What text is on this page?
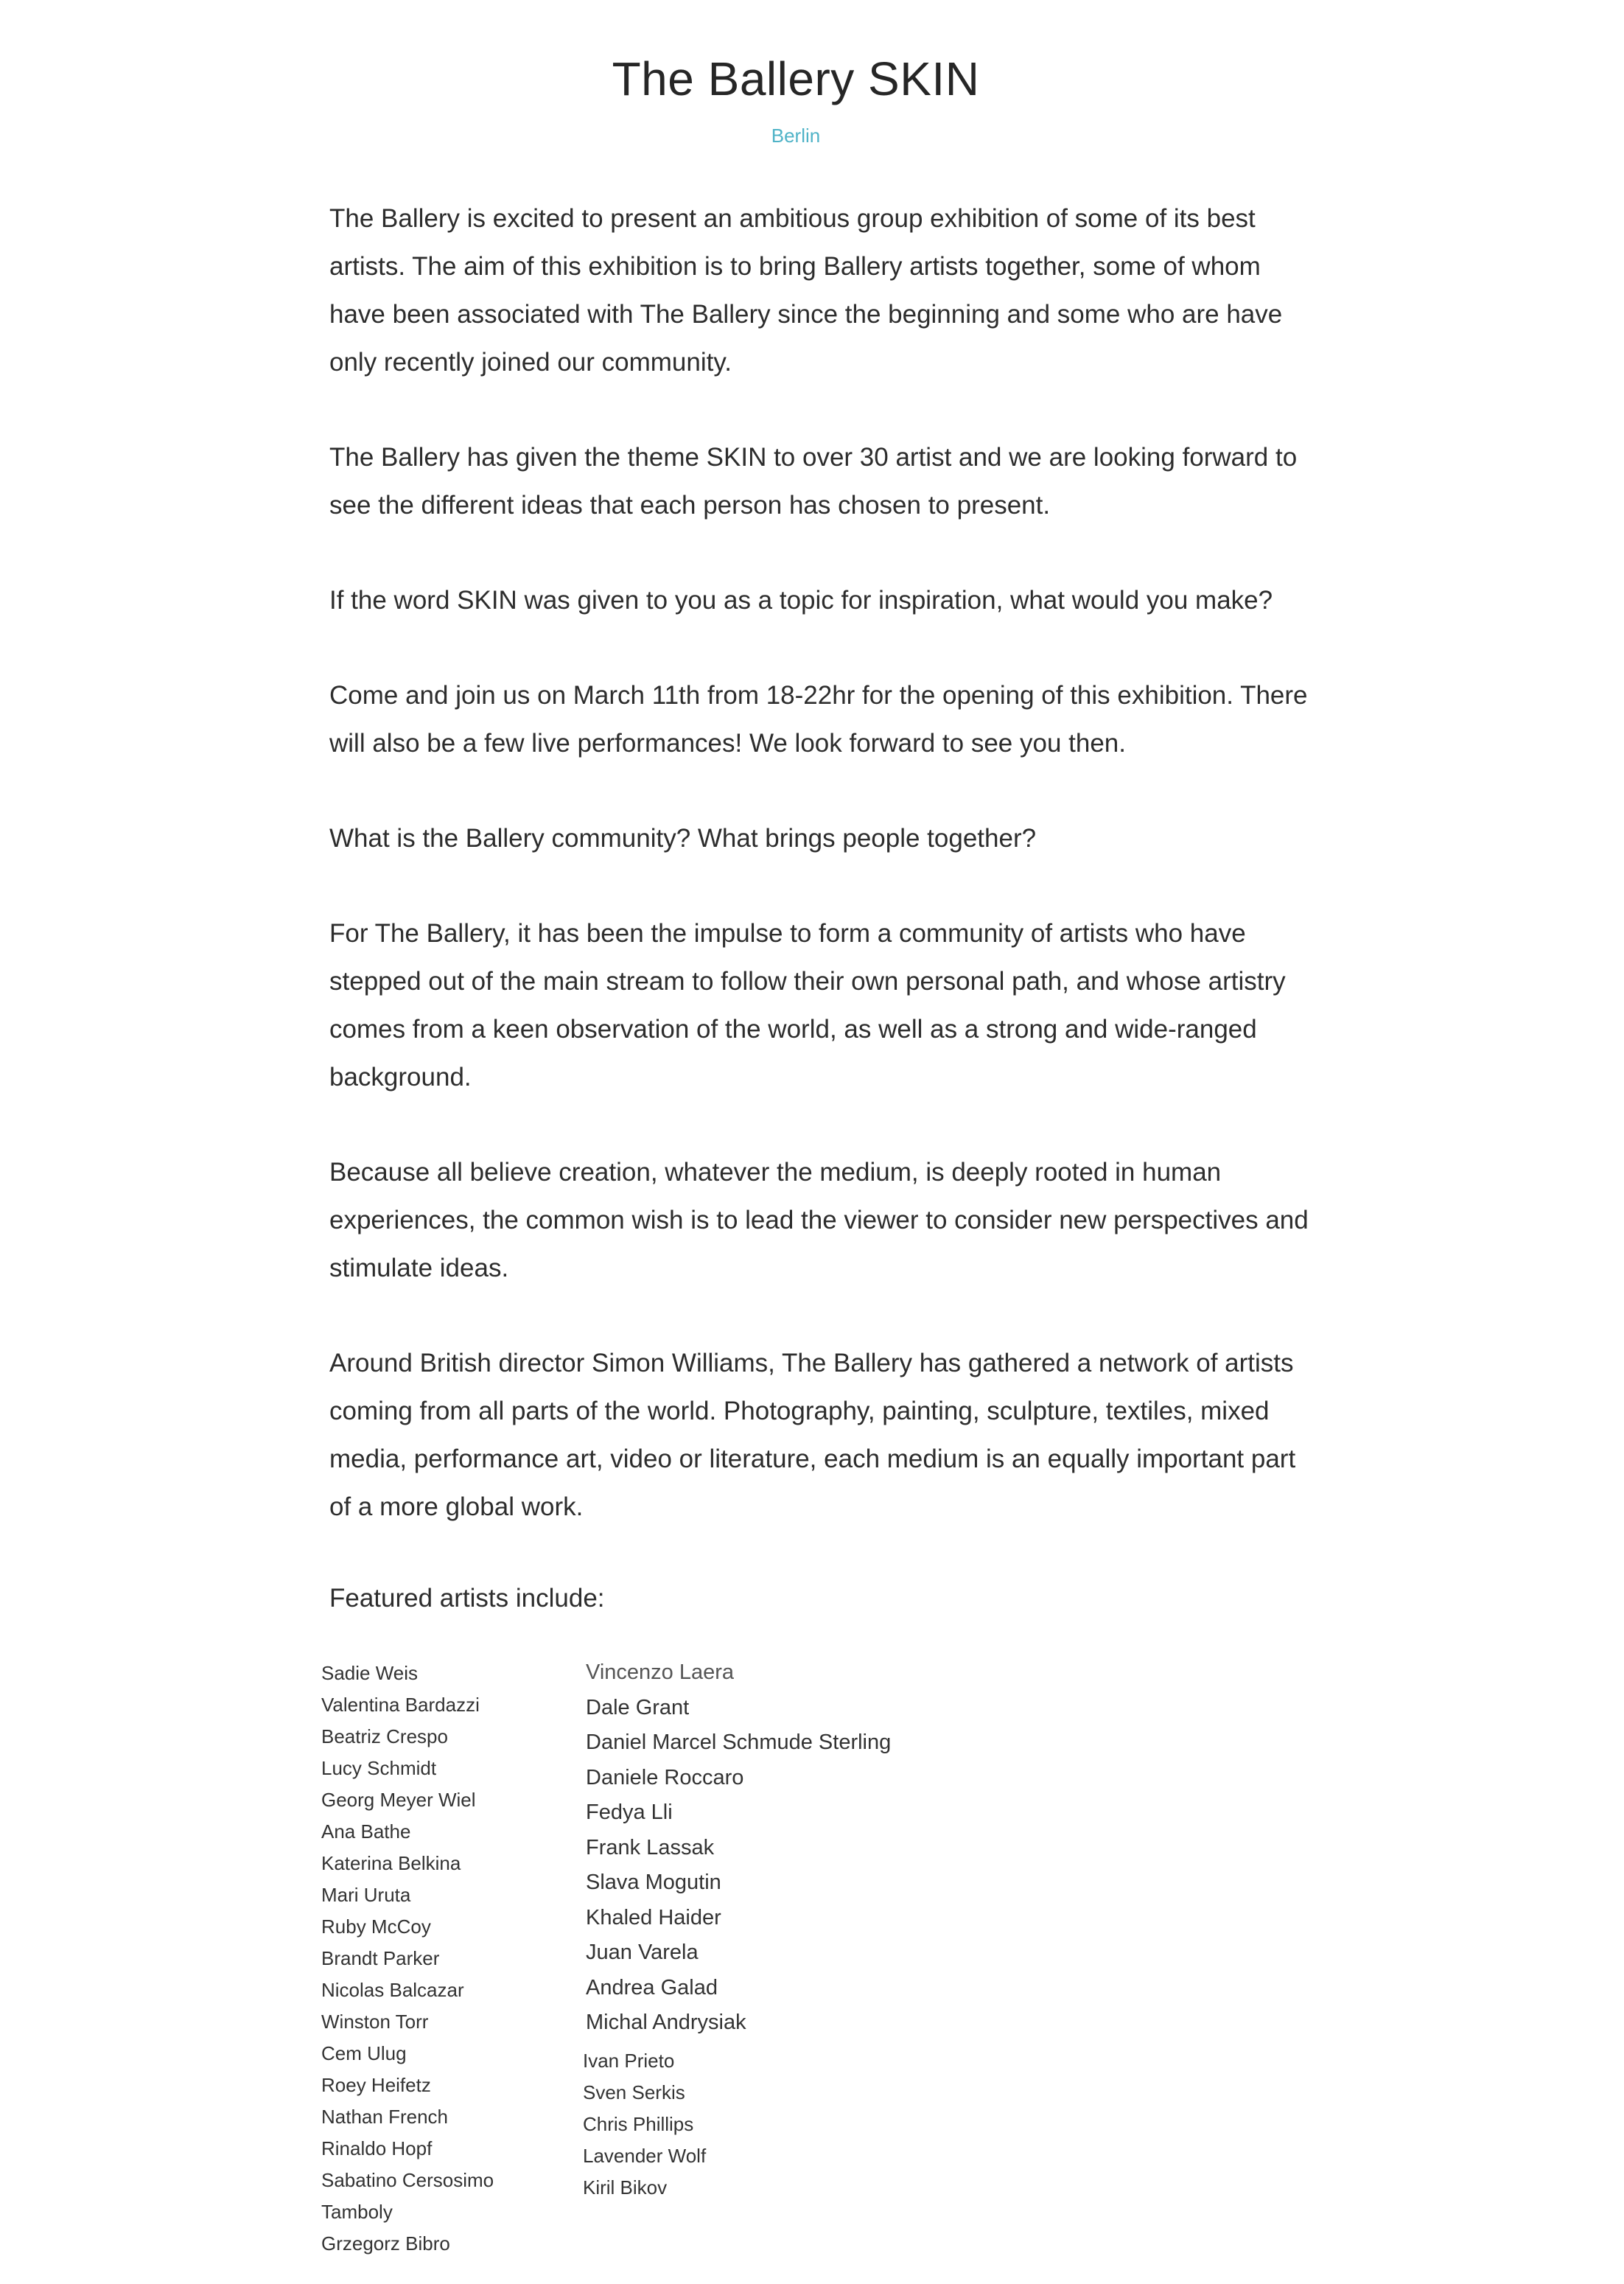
The Ballery SKIN
Berlin

The Ballery is excited to present an ambitious group exhibition of some of its best artists. The aim of this exhibition is to bring Ballery artists together, some of whom have been associated with The Ballery since the beginning and some who are have only recently joined our community.

The Ballery has given the theme SKIN to over 30 artist and we are looking forward to see the different ideas that each person has chosen to present.

If the word SKIN was given to you as a topic for inspiration, what would you make?

Come and join us on March 11th from 18-22hr for the opening of this exhibition. There will also be a few live performances! We look forward to see you then.

What is the Ballery community? What brings people together?

For The Ballery, it has been the impulse to form a community of artists who have stepped out of the main stream to follow their own personal path, and whose artistry comes from a keen observation of the world, as well as a strong and wide-ranged background.

Because all believe creation, whatever the medium, is deeply rooted in human experiences, the common wish is to lead the viewer to consider new perspectives and stimulate ideas.

Around British director Simon Williams, The Ballery has gathered a network of artists coming from all parts of the world. Photography, painting, sculpture, textiles, mixed media, performance art, video or literature, each medium is an equally important part of a more global work.

Featured artists include:
Sadie Weis
Valentina Bardazzi
Beatriz Crespo
Lucy Schmidt
Georg Meyer Wiel
Ana Bathe
Katerina Belkina
Mari Uruta
Ruby McCoy
Brandt Parker
Nicolas Balcazar
Winston Torr
Cem Ulug
Roey Heifetz
Nathan French
Rinaldo Hopf
Sabatino Cersosimo
Tamboly
Grzegorz Bibro
Vincenzo Laera
Dale Grant
Daniel Marcel Schmude Sterling
Daniele Roccaro
Fedya Lli
Frank Lassak
Slava Mogutin
Khaled Haider
Juan Varela
Andrea Galad
Michal Andrysiak
Ivan Prieto
Sven Serkis
Chris Phillips
Lavender Wolf
Kiril Bikov
